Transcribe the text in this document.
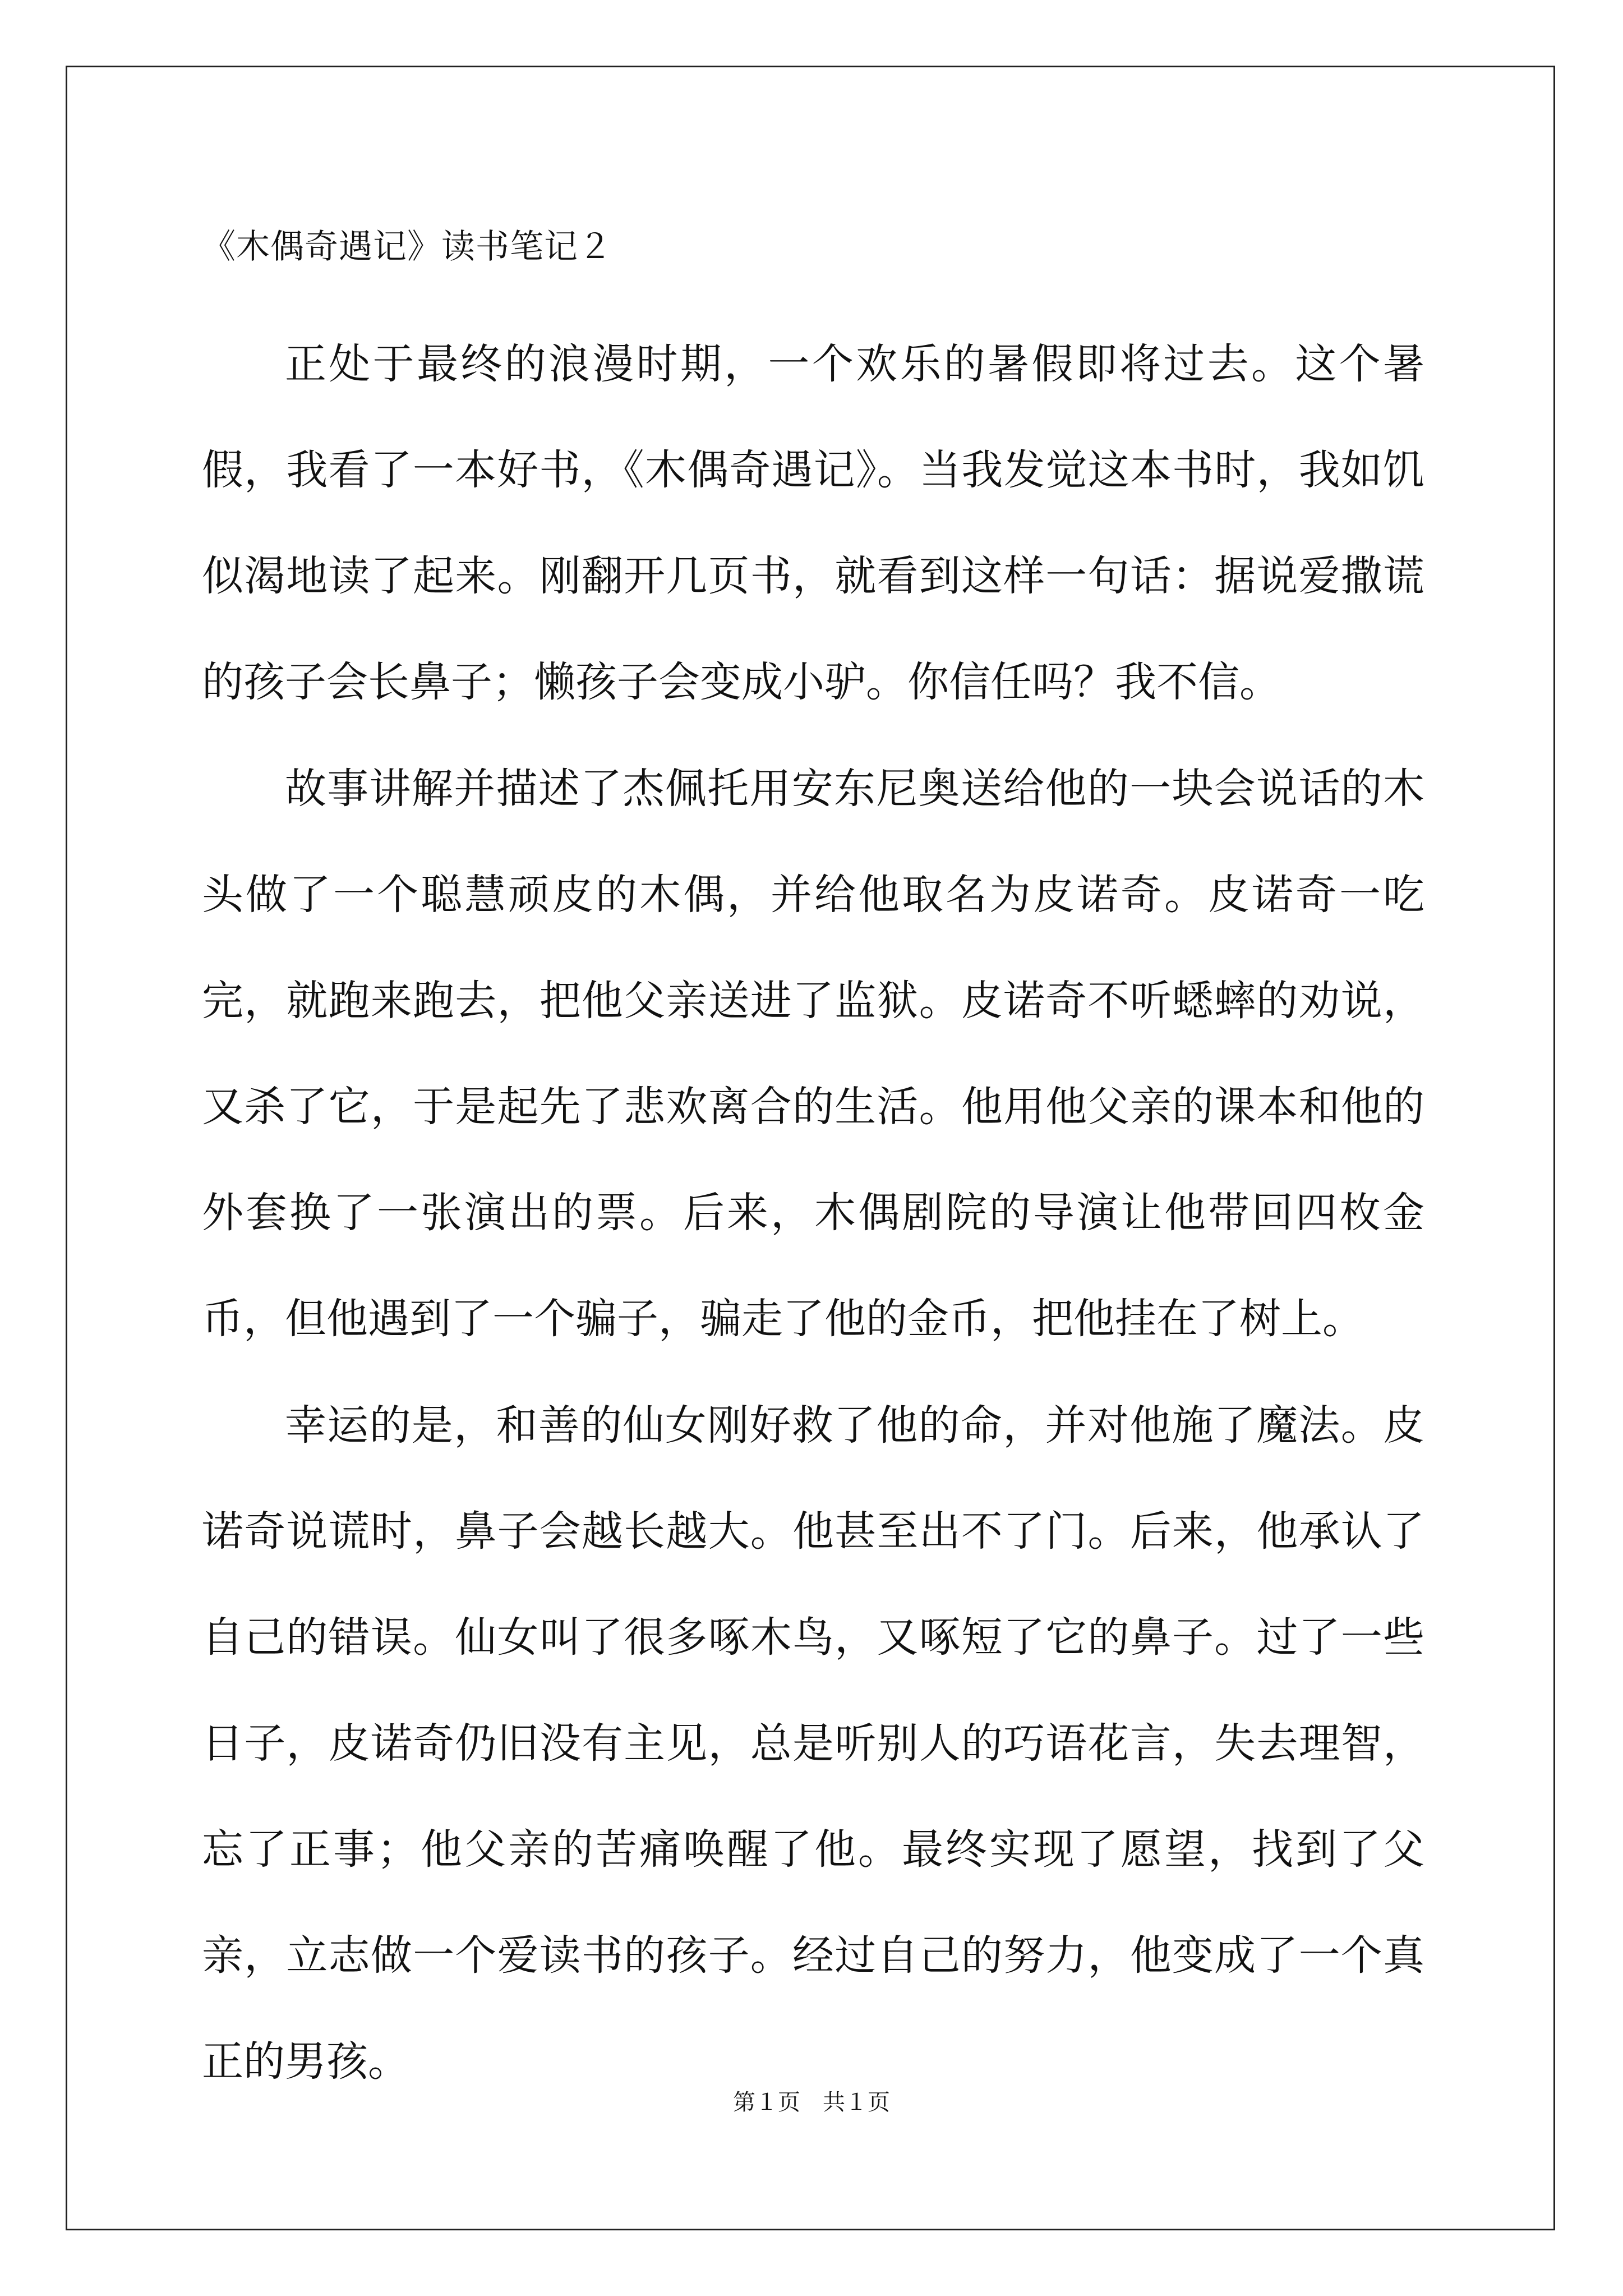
《木偶奇遇记》读书笔记２

正处于最终的浪漫时期，一个欢乐的暑假即将过去。这个暑假，我看了一本好书，《木偶奇遇记》。当我发觉这本书时，我如饥似渴地读了起来。刚翻开几页书，就看到这样一句话：据说爱撒谎的孩子会长鼻子；懒孩子会变成小驴。你信任吗？我不信。

故事讲解并描述了杰佩托用安东尼奥送给他的一块会说话的木头做了一个聪慧顽皮的木偶，并给他取名为皮诺奇。皮诺奇一吃完，就跑来跑去，把他父亲送进了监狱。皮诺奇不听蟋蟀的劝说，又杀了它，于是起先了悲欢离合的生活。他用他父亲的课本和他的外套换了一张演出的票。后来，木偶剧院的导演让他带回四枚金币，但他遇到了一个骗子，骗走了他的金币，把他挂在了树上。

幸运的是，和善的仙女刚好救了他的命，并对他施了魔法。皮诺奇说谎时，鼻子会越长越大。他甚至出不了门。后来，他承认了自己的错误。仙女叫了很多啄木鸟，又啄短了它的鼻子。过了一些日子，皮诺奇仍旧没有主见，总是听别人的巧语花言，失去理智，忘了正事；他父亲的苦痛唤醒了他。最终实现了愿望，找到了父亲，立志做一个爱读书的孩子。经过自己的努力，他变成了一个真正的男孩。

第１页　共１页
